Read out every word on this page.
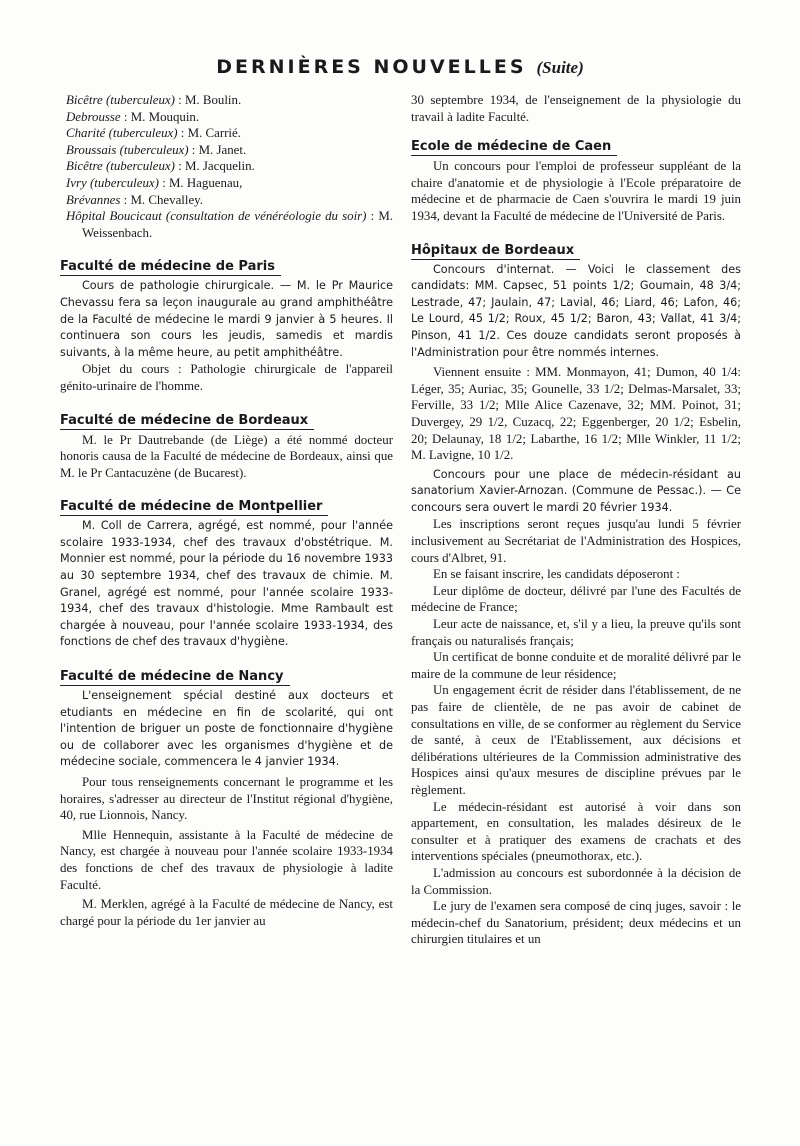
DERNIÈRES NOUVELLES (Suite)

Bicêtre (tuberculeux) : M. Boulin.

Debrousse : M. Mouquin.

Charité (tuberculeux) : M. Carrié.

Broussais (tuberculeux) : M. Janet.

Bicêtre (tuberculeux) : M. Jacquelin.

Ivry (tuberculeux) : M. Haguenau,

Brévannes : M. Chevalley.

Hôpital Boucicaut (consultation de vénéréologie du soir) : M. Weissenbach.

Faculté de médecine de Paris

Cours de pathologie chirurgicale. — M. le Pr Maurice Chevassu fera sa leçon inaugurale au grand amphithéâtre de la Faculté de médecine le mardi 9 janvier à 5 heures. Il continuera son cours les jeudis, samedis et mardis suivants, à la même heure, au petit amphithéâtre.

Objet du cours : Pathologie chirurgicale de l'appareil génito-urinaire de l'homme.

Faculté de médecine de Bordeaux

M. le Pr Dautrebande (de Liège) a été nommé docteur honoris causa de la Faculté de médecine de Bordeaux, ainsi que M. le Pr Cantacuzène (de Bucarest).

Faculté de médecine de Montpellier

M. Coll de Carrera, agrégé, est nommé, pour l'année scolaire 1933-1934, chef des travaux d'obstétrique. M. Monnier est nommé, pour la période du 16 novembre 1933 au 30 septembre 1934, chef des travaux de chimie. M. Granel, agrégé est nommé, pour l'année scolaire 1933-1934, chef des travaux d'histologie. Mme Rambault est chargée à nouveau, pour l'année scolaire 1933-1934, des fonctions de chef des travaux d'hygiène.

Faculté de médecine de Nancy

L'enseignement spécial destiné aux docteurs et etudiants en médecine en fin de scolarité, qui ont l'intention de briguer un poste de fonctionnaire d'hygiène ou de collaborer avec les organismes d'hygiène et de médecine sociale, commencera le 4 janvier 1934.

Pour tous renseignements concernant le programme et les horaires, s'adresser au directeur de l'Institut régional d'hygiène, 40, rue Lionnois, Nancy.

Mlle Hennequin, assistante à la Faculté de médecine de Nancy, est chargée à nouveau pour l'année scolaire 1933-1934 des fonctions de chef des travaux de physiologie à ladite Faculté.

M. Merklen, agrégé à la Faculté de médecine de Nancy, est chargé pour la période du 1er janvier au

30 septembre 1934, de l'enseignement de la physiologie du travail à ladite Faculté.

Ecole de médecine de Caen

Un concours pour l'emploi de professeur suppléant de la chaire d'anatomie et de physiologie à l'Ecole préparatoire de médecine et de pharmacie de Caen s'ouvrira le mardi 19 juin 1934, devant la Faculté de médecine de l'Université de Paris.

Hôpitaux de Bordeaux

Concours d'internat. — Voici le classement des candidats: MM. Capsec, 51 points 1/2; Goumain, 48 3/4; Lestrade, 47; Jaulain, 47; Lavial, 46; Liard, 46; Lafon, 46; Le Lourd, 45 1/2; Roux, 45 1/2; Baron, 43; Vallat, 41 3/4; Pinson, 41 1/2. Ces douze candidats seront proposés à l'Administration pour être nommés internes.

Viennent ensuite : MM. Monmayon, 41; Dumon, 40 1/4: Léger, 35; Auriac, 35; Gounelle, 33 1/2; Delmas-Marsalet, 33; Ferville, 33 1/2; Mlle Alice Cazenave, 32; MM. Poinot, 31; Duvergey, 29 1/2, Cuzacq, 22; Eggenberger, 20 1/2; Esbelin, 20; Delaunay, 18 1/2; Labarthe, 16 1/2; Mlle Winkler, 11 1/2; M. Lavigne, 10 1/2.

Concours pour une place de médecin-résidant au sanatorium Xavier-Arnozan. (Commune de Pessac.). — Ce concours sera ouvert le mardi 20 février 1934.

Les inscriptions seront reçues jusqu'au lundi 5 février inclusivement au Secrétariat de l'Administration des Hospices, cours d'Albret, 91.

En se faisant inscrire, les candidats déposeront :

Leur diplôme de docteur, délivré par l'une des Facultés de médecine de France;

Leur acte de naissance, et, s'il y a lieu, la preuve qu'ils sont français ou naturalisés français;

Un certificat de bonne conduite et de moralité délivré par le maire de la commune de leur résidence;

Un engagement écrit de résider dans l'établissement, de ne pas faire de clientèle, de ne pas avoir de cabinet de consultations en ville, de se conformer au règlement du Service de santé, à ceux de l'Etablissement, aux décisions et délibérations ultérieures de la Commission administrative des Hospices ainsi qu'aux mesures de discipline prévues par le règlement.

Le médecin-résidant est autorisé à voir dans son appartement, en consultation, les malades désireux de le consulter et à pratiquer des examens de crachats et des interventions spéciales (pneumothorax, etc.).

L'admission au concours est subordonnée à la décision de la Commission.

Le jury de l'examen sera composé de cinq juges, savoir : le médecin-chef du Sanatorium, président; deux médecins et un chirurgien titulaires et un
